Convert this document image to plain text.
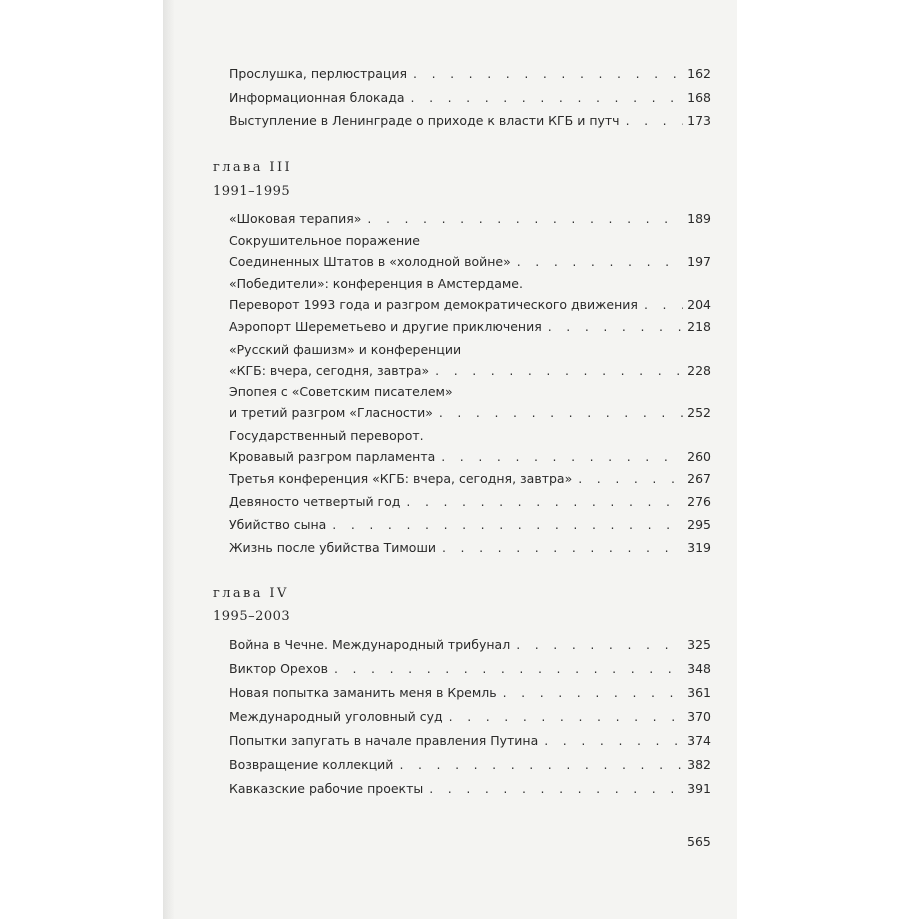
Прослушка, перлюстрация . . .	162
Информационная блокада . . .	168
Выступление в Ленинграде о приходе к власти КГБ и путч . . .	173
глава III
1991–1995
«Шоковая терапия» . . .	189
Сокрушительное поражение
Соединенных Штатов в «холодной войне» . . .	197
«Победители»: конференция в Амстердаме.
Переворот 1993 года и разгром демократического движения . . .	204
Аэропорт Шереметьево и другие приключения . . .	218
«Русский фашизм» и конференции
«КГБ: вчера, сегодня, завтра» . . .	228
Эпопея с «Советским писателем»
и третий разгром «Гласности» . . .	252
Государственный переворот.
Кровавый разгром парламента . . .	260
Третья конференция «КГБ: вчера, сегодня, завтра» . . .	267
Девяносто четвертый год . . .	276
Убийство сына . . .	295
Жизнь после убийства Тимоши . . .	319
глава IV
1995–2003
Война в Чечне. Международный трибунал . . .	325
Виктор Орехов . . .	348
Новая попытка заманить меня в Кремль . . .	361
Международный уголовный суд . . .	370
Попытки запугать в начале правления Путина . . .	374
Возвращение коллекций . . .	382
Кавказские рабочие проекты . . .	391
565
